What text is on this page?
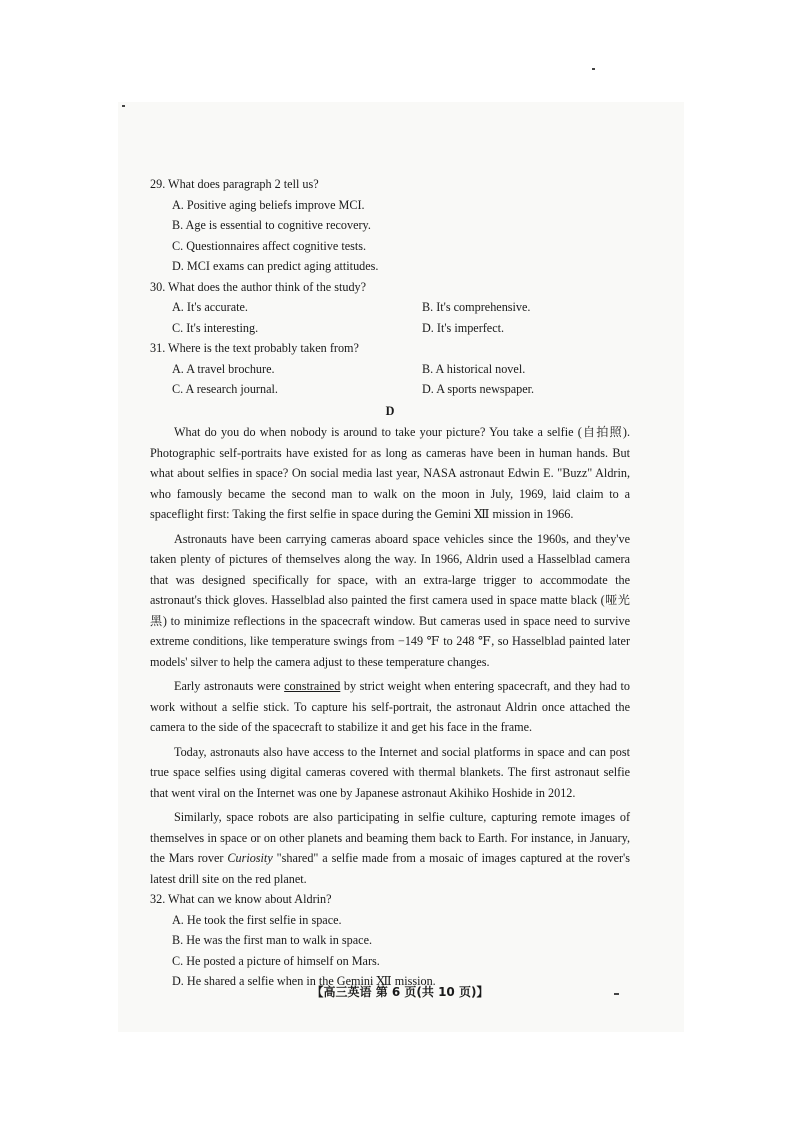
29. What does paragraph 2 tell us?

A. Positive aging beliefs improve MCI.

B. Age is essential to cognitive recovery.

C. Questionnaires affect cognitive tests.

D. MCI exams can predict aging attitudes.

30. What does the author think of the study?

A. It's accurate.	B. It's comprehensive.
C. It's interesting.	D. It's imperfect.

31. Where is the text probably taken from?

A. A travel brochure.	B. A historical novel.
C. A research journal.	D. A sports newspaper.
D

What do you do when nobody is around to take your picture? You take a selfie (自拍照). Photographic self-portraits have existed for as long as cameras have been in human hands. But what about selfies in space? On social media last year, NASA astronaut Edwin E. "Buzz" Aldrin, who famously became the second man to walk on the moon in July, 1969, laid claim to a spaceflight first: Taking the first selfie in space during the Gemini Ⅻ mission in 1966.

Astronauts have been carrying cameras aboard space vehicles since the 1960s, and they've taken plenty of pictures of themselves along the way. In 1966, Aldrin used a Hasselblad camera that was designed specifically for space, with an extra-large trigger to accommodate the astronaut's thick gloves. Hasselblad also painted the first camera used in space matte black (哑光黑) to minimize reflections in the spacecraft window. But cameras used in space need to survive extreme conditions, like temperature swings from −149 ℉ to 248 ℉, so Hasselblad painted later models' silver to help the camera adjust to these temperature changes.

Early astronauts were constrained by strict weight when entering spacecraft, and they had to work without a selfie stick. To capture his self-portrait, the astronaut Aldrin once attached the camera to the side of the spacecraft to stabilize it and get his face in the frame.

Today, astronauts also have access to the Internet and social platforms in space and can post true space selfies using digital cameras covered with thermal blankets. The first astronaut selfie that went viral on the Internet was one by Japanese astronaut Akihiko Hoshide in 2012.

Similarly, space robots are also participating in selfie culture, capturing remote images of themselves in space or on other planets and beaming them back to Earth. For instance, in January, the Mars rover Curiosity "shared" a selfie made from a mosaic of images captured at the rover's latest drill site on the red planet.

32. What can we know about Aldrin?

A. He took the first selfie in space.

B. He was the first man to walk in space.

C. He posted a picture of himself on Mars.

D. He shared a selfie when in the Gemini Ⅻ mission.

【高三英语 第 6 页(共 10 页)】
